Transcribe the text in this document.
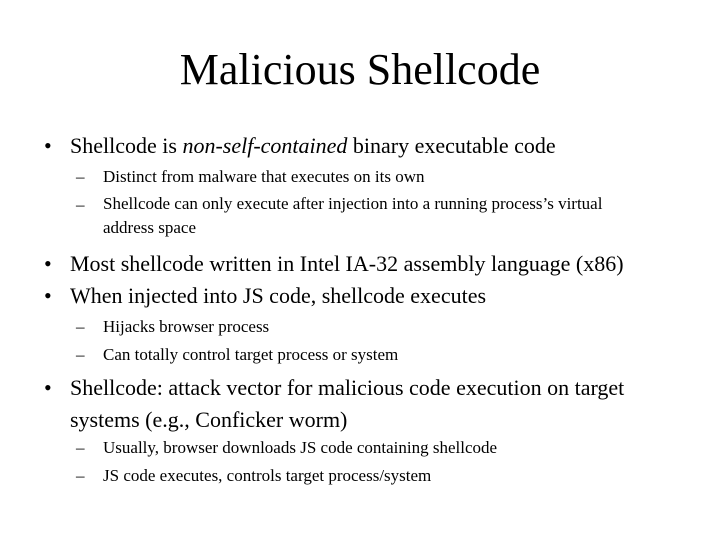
Malicious Shellcode
• Shellcode is non-self-contained binary executable code
–	Distinct from malware that executes on its own
–	Shellcode can only execute after injection into a running process’s virtual address space
• Most shellcode written in Intel IA-32 assembly language (x86)
• When injected into JS code, shellcode executes
–	Hijacks browser process
–	Can totally control target process or system
• Shellcode: attack vector for malicious code execution on target systems (e.g., Conficker worm)
–	Usually, browser downloads JS code containing shellcode
–	JS code executes, controls target process/system
